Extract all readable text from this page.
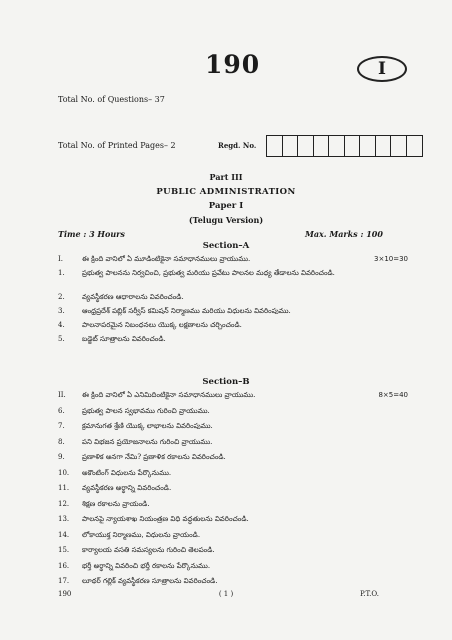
190	I
Total No. of Questions– 37
Total No. of Printed Pages– 2	Regd. No.
Part III
PUBLIC ADMINISTRATION
Paper I
(Telugu Version)
Time : 3 Hours	Max. Marks : 100
Section–A
I.	ఈ క్రింది వానిలో ఏ మూడింటికైనా సమాధానములు వ్రాయుము.	3×10=30
1.	ప్రభుత్వ పాలనను నిర్వచించి, ప్రభుత్వ మరియు ప్రవేటు పాలనల మధ్య తేడాలను వివరించండి.
2.	వ్యవస్థీకరణ ఆధారాలను వివరించండి.
3.	ఆంధ్రప్రదేశ్ పబ్లిక్ సర్వీస్ కమిషన్ నిర్మాణము మరియు విధులను వివరింపుము.
4.	పాలనాపరమైన నిబంధనలు యొక్క లక్షణాలను చర్చించండి.
5.	బడ్జెట్ సూత్రాలను వివరించండి.
Section–B
II.	ఈ క్రింది వానిలో ఏ ఎనిమిదింటికైనా సమాధానములు వ్రాయుము.	8×5=40
6.	ప్రభుత్వ పాలన స్వభావము గురించి వ్రాయుము.
7.	క్రమానుగత శ్రేణి యొక్క లాభాలను వివరింపుము.
8.	పని విభజన ప్రయోజనాలను గురించి వ్రాయుము.
9.	ప్రణాళిక అనగా నేమి? ప్రణాళిక రకాలను వివరించండి.
10.	అకౌంటింగ్ విధులను పేర్కొనుము.
11.	వ్యవస్థీకరణ అర్థాన్ని వివరించండి.
12.	శిక్షణ రకాలను వ్రాయండి.
13.	పాలనపై న్యాయశాఖ నియంత్రణ విధి వద్ధతులను వివరించండి.
14.	లోకాయుక్త నిర్మాణము, విధులను వ్రాయండి.
15.	కార్యాలయ వసతి సమస్యలను గురించి తెలపండి.
16.	భర్తీ అర్థాన్ని వివరించి భర్తీ రకాలను పేర్కొనుము.
17.	లూథర్ గల్లిక్ వ్యవస్థీకరణ సూత్రాలను వివరించండి.
190	( 1 )	P.T.O.
